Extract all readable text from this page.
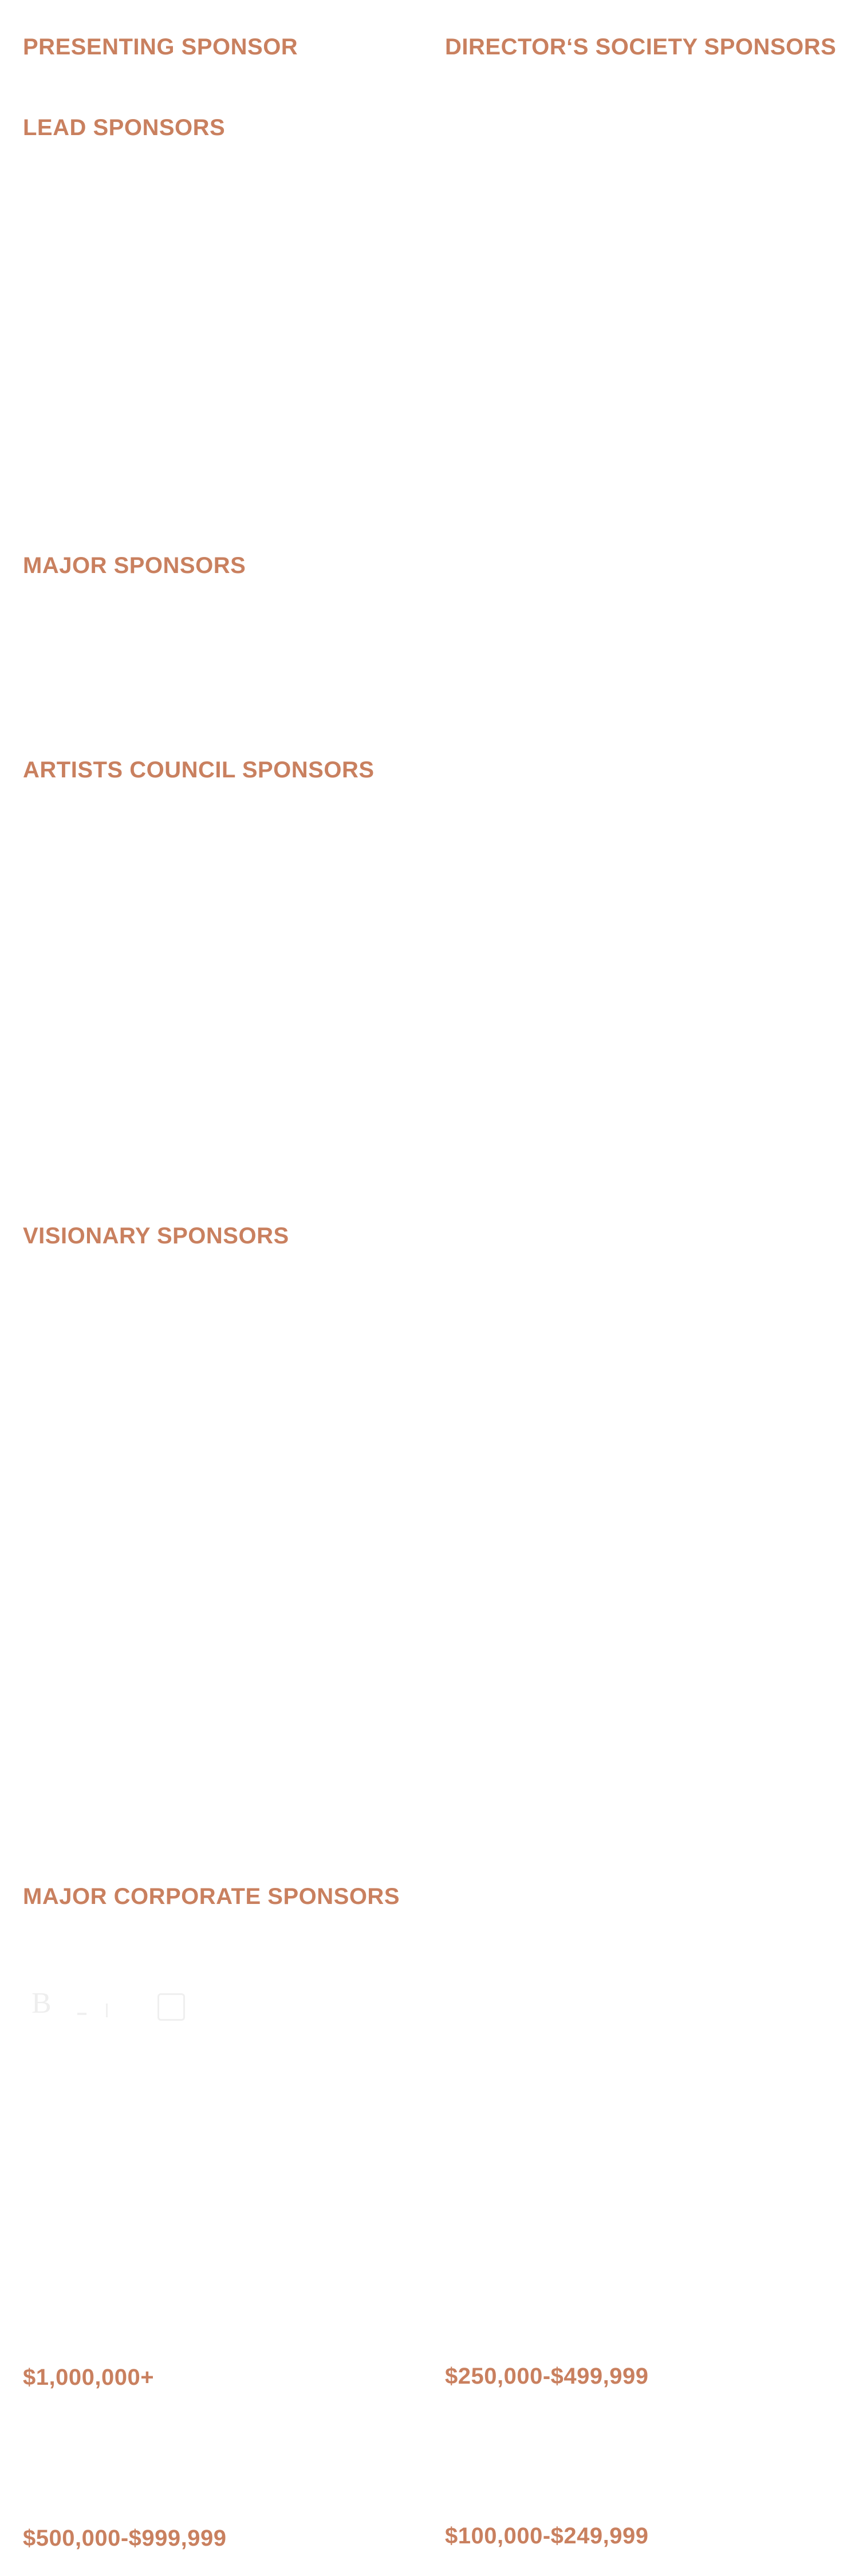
PRESENTING SPONSOR	DIRECTOR‘S SOCIETY SPONSORS
LEAD SPONSORS
MAJOR SPONSORS
ARTISTS COUNCIL SPONSORS
VISIONARY SPONSORS
MAJOR CORPORATE SPONSORS
B
$1,000,000+	$250,000-$499,999
$500,000-$999,999	$100,000-$249,999
